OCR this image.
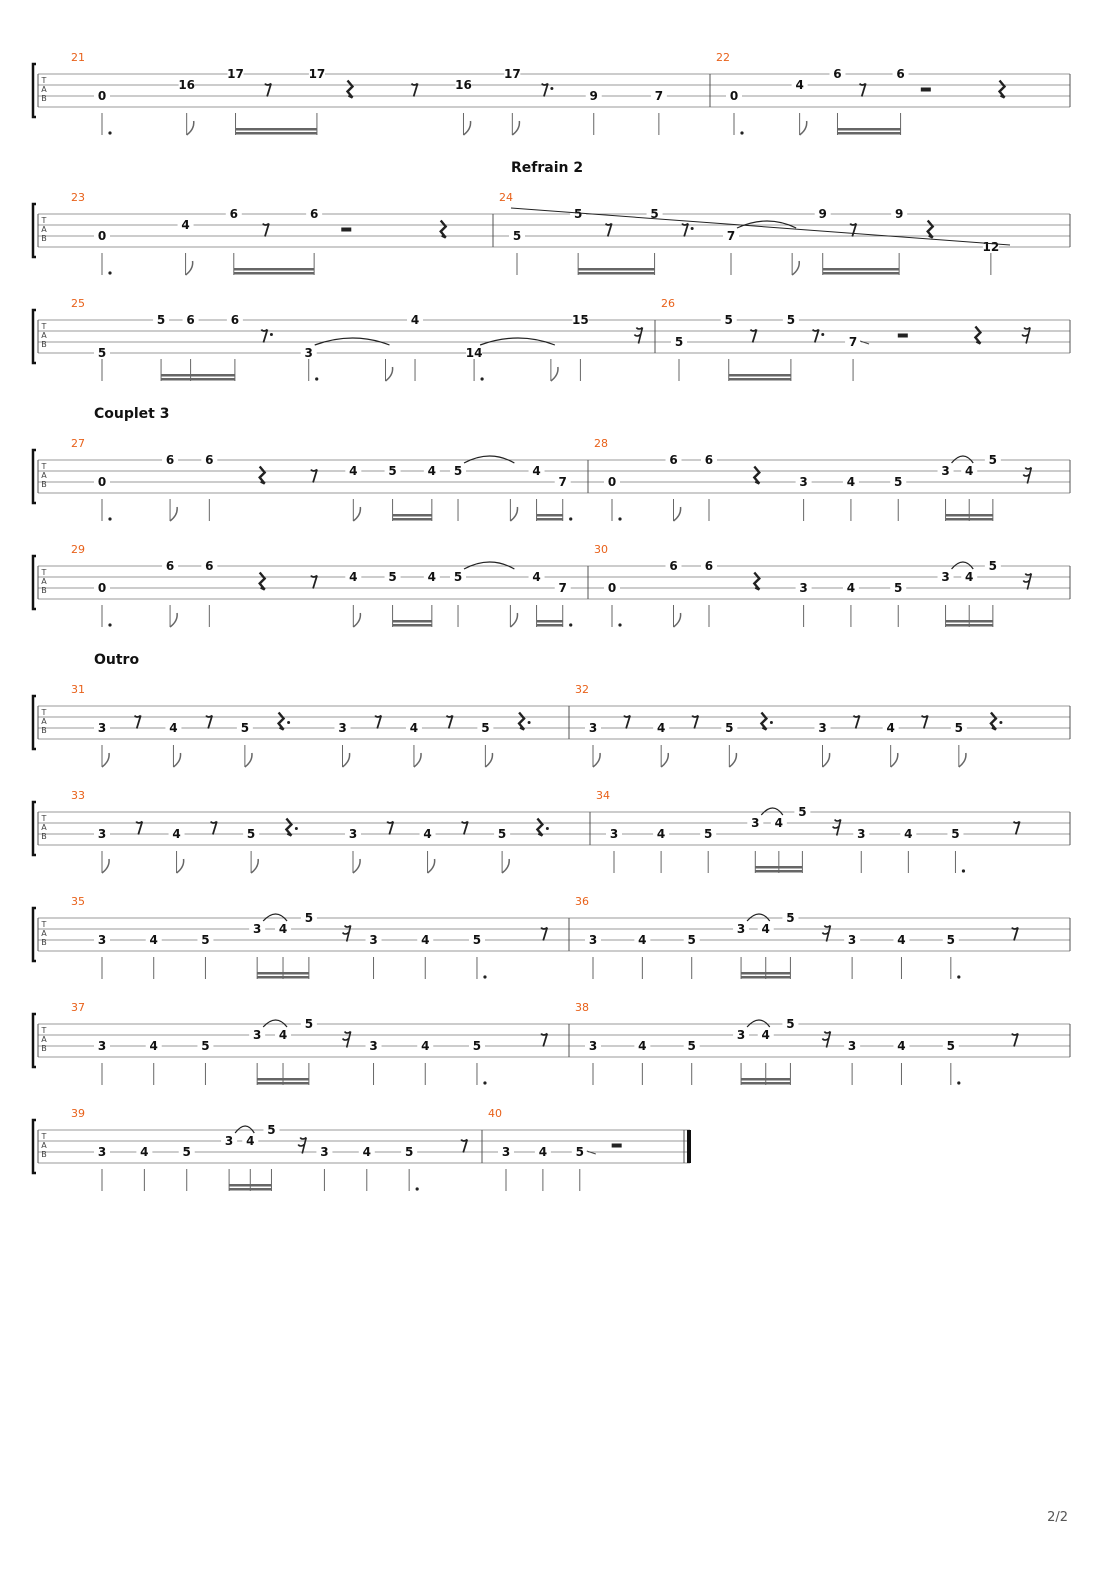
T
A
B
21
0
16
17	17
16
17
9	7
22
0
4
6	6
T
A
B
Refrain 2
23
0
4
6	6
24
5
5	5
7
9	9
12
T
A
B
25
5
5 6	6
3
4
14
15
26
5
5	5
7
T
A
B
Couplet 3
27
0
6	6
4	5	4 5	4
7
28
0
6 6
3	4	5
3 4
5
T
A
B
29
0
6	6
4	5	4 5	4
7
30
0
6 6
3	4	5
3 4
5
T
A
B
Outro
31
3	4	5	3	4	5
32
3	4	5	3	4	5
T
A
B
33
3	4	5	3	4	5
34
3	4	5
3 4
5
3	4	5
T
A
B
35
3	4	5
3 4
5
3	4	5
36
3	4	5
3 4
5
3	4	5
T
A
B
37
3	4	5
3 4
5
3	4	5
38
3	4	5
3 4
5
3	4	5
T
A
B
39
3	4	5
3 4
5
3	4	5
40
3 4 5
2/2
